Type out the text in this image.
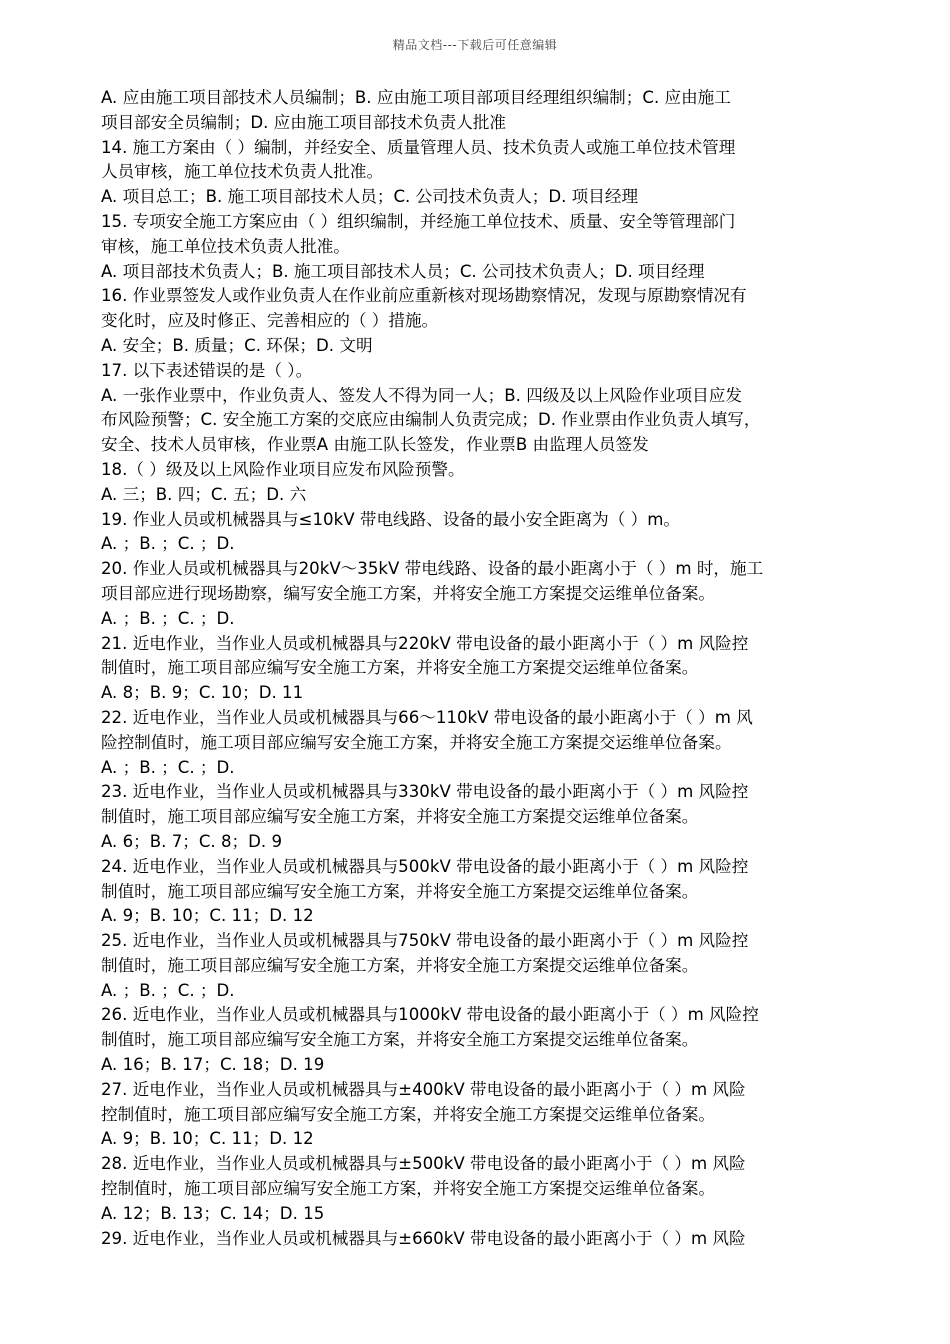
精品文档---下载后可任意编辑
A. 应由施工项目部技术人员编制；B. 应由施工项目部项目经理组织编制；C. 应由施工
项目部安全员编制；D. 应由施工项目部技术负责人批准
14. 施工方案由（ ）编制，并经安全、质量管理人员、技术负责人或施工单位技术管理
人员审核，施工单位技术负责人批准。
A. 项目总工；B. 施工项目部技术人员；C. 公司技术负责人；D. 项目经理
15. 专项安全施工方案应由（ ）组织编制，并经施工单位技术、质量、安全等管理部门
审核，施工单位技术负责人批准。
A. 项目部技术负责人；B. 施工项目部技术人员；C. 公司技术负责人；D. 项目经理
16. 作业票签发人或作业负责人在作业前应重新核对现场勘察情况，发现与原勘察情况有
变化时，应及时修正、完善相应的（ ）措施。
A. 安全；B. 质量；C. 环保；D. 文明
17. 以下表述错误的是（ ）。
A. 一张作业票中，作业负责人、签发人不得为同一人；B. 四级及以上风险作业项目应发
布风险预警；C. 安全施工方案的交底应由编制人负责完成；D. 作业票由作业负责人填写，
安全、技术人员审核，作业票A 由施工队长签发，作业票B 由监理人员签发
18.（ ）级及以上风险作业项目应发布风险预警。
A. 三；B. 四；C. 五；D. 六
19. 作业人员或机械器具与≤10kV 带电线路、设备的最小安全距离为（ ）m。
A. ；B. ；C. ；D.
20. 作业人员或机械器具与20kV～35kV 带电线路、设备的最小距离小于（ ）m 时，施工
项目部应进行现场勘察，编写安全施工方案，并将安全施工方案提交运维单位备案。
A. ；B. ；C. ；D.
21. 近电作业，当作业人员或机械器具与220kV 带电设备的最小距离小于（ ）m 风险控
制值时，施工项目部应编写安全施工方案，并将安全施工方案提交运维单位备案。
A. 8；B. 9；C. 10；D. 11
22. 近电作业，当作业人员或机械器具与66～110kV 带电设备的最小距离小于（ ）m 风
险控制值时，施工项目部应编写安全施工方案，并将安全施工方案提交运维单位备案。
A. ；B. ；C. ；D.
23. 近电作业，当作业人员或机械器具与330kV 带电设备的最小距离小于（ ）m 风险控
制值时，施工项目部应编写安全施工方案，并将安全施工方案提交运维单位备案。
A. 6；B. 7；C. 8；D. 9
24. 近电作业，当作业人员或机械器具与500kV 带电设备的最小距离小于（ ）m 风险控
制值时，施工项目部应编写安全施工方案，并将安全施工方案提交运维单位备案。
A. 9；B. 10；C. 11；D. 12
25. 近电作业，当作业人员或机械器具与750kV 带电设备的最小距离小于（ ）m 风险控
制值时，施工项目部应编写安全施工方案，并将安全施工方案提交运维单位备案。
A. ；B. ；C. ；D.
26. 近电作业，当作业人员或机械器具与1000kV 带电设备的最小距离小于（ ）m 风险控
制值时，施工项目部应编写安全施工方案，并将安全施工方案提交运维单位备案。
A. 16；B. 17；C. 18；D. 19
27. 近电作业，当作业人员或机械器具与±400kV 带电设备的最小距离小于（ ）m 风险
控制值时，施工项目部应编写安全施工方案，并将安全施工方案提交运维单位备案。
A. 9；B. 10；C. 11；D. 12
28. 近电作业，当作业人员或机械器具与±500kV 带电设备的最小距离小于（ ）m 风险
控制值时，施工项目部应编写安全施工方案，并将安全施工方案提交运维单位备案。
A. 12；B. 13；C. 14；D. 15
29. 近电作业，当作业人员或机械器具与±660kV 带电设备的最小距离小于（ ）m 风险
